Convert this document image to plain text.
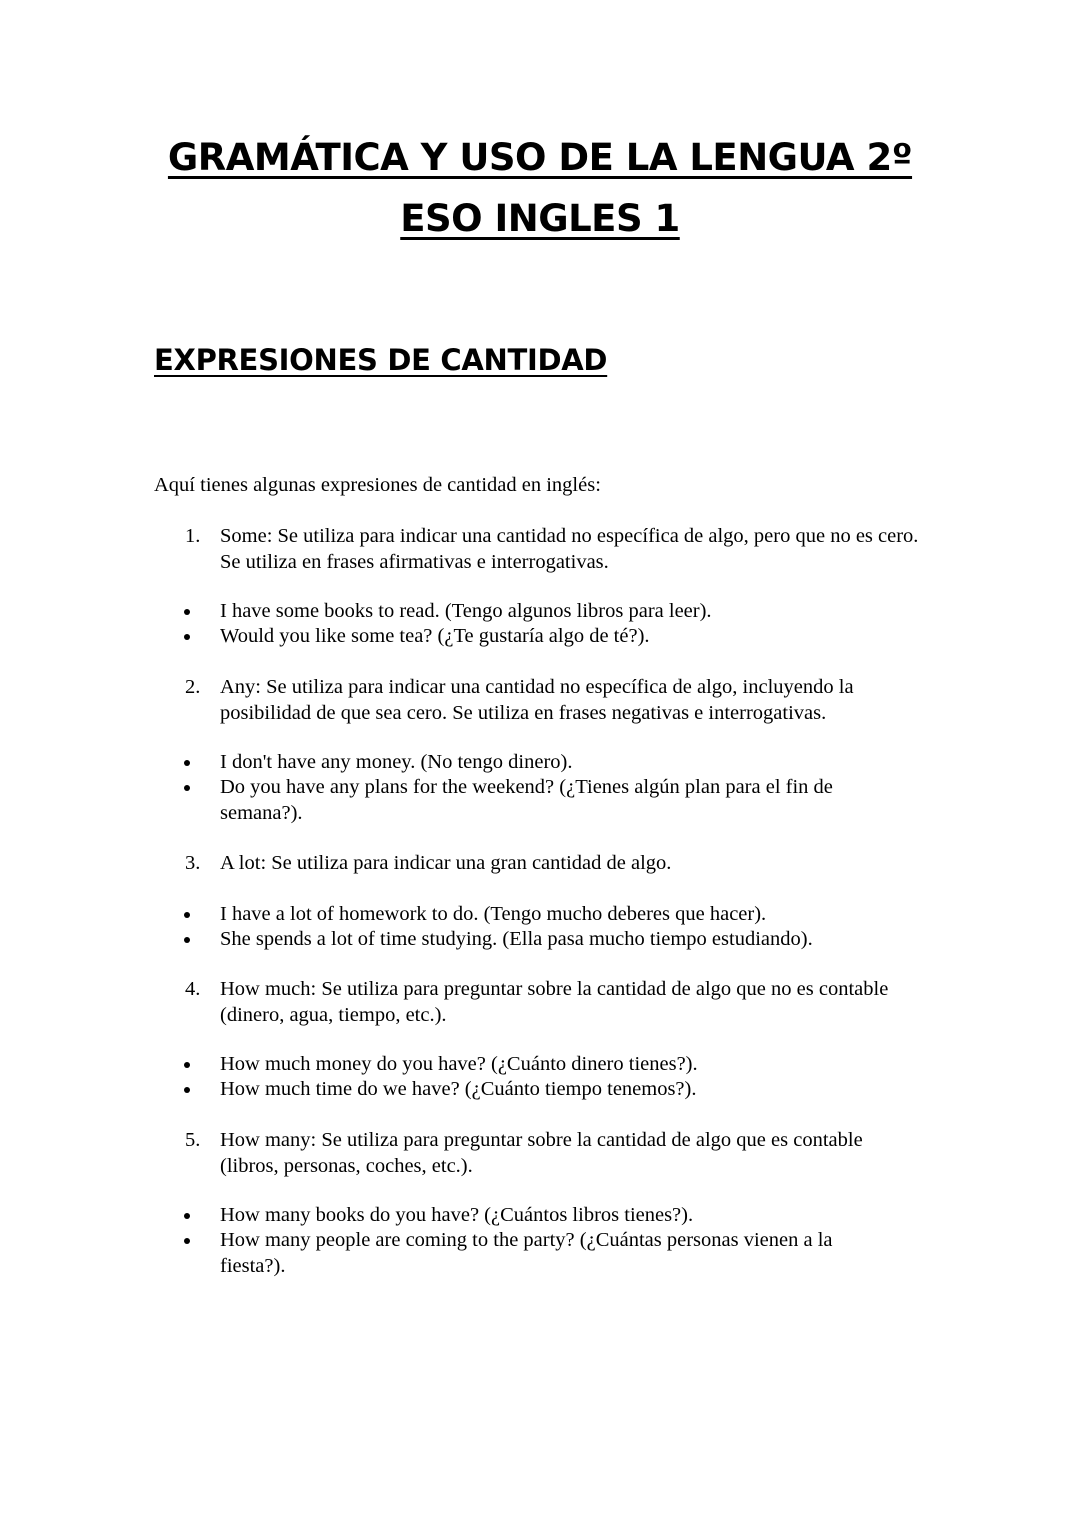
GRAMÁTICA Y USO DE LA LENGUA 2º
ESO INGLES 1
EXPRESIONES DE CANTIDAD
Aquí tienes algunas expresiones de cantidad en inglés:
1. Some: Se utiliza para indicar una cantidad no específica de algo, pero que no es cero. Se utiliza en frases afirmativas e interrogativas.
I have some books to read. (Tengo algunos libros para leer).
Would you like some tea? (¿Te gustaría algo de té?).
2. Any: Se utiliza para indicar una cantidad no específica de algo, incluyendo la posibilidad de que sea cero. Se utiliza en frases negativas e interrogativas.
I don't have any money. (No tengo dinero).
Do you have any plans for the weekend? (¿Tienes algún plan para el fin de semana?).
3. A lot: Se utiliza para indicar una gran cantidad de algo.
I have a lot of homework to do. (Tengo mucho deberes que hacer).
She spends a lot of time studying. (Ella pasa mucho tiempo estudiando).
4. How much: Se utiliza para preguntar sobre la cantidad de algo que no es contable (dinero, agua, tiempo, etc.).
How much money do you have? (¿Cuánto dinero tienes?).
How much time do we have? (¿Cuánto tiempo tenemos?).
5. How many: Se utiliza para preguntar sobre la cantidad de algo que es contable (libros, personas, coches, etc.).
How many books do you have? (¿Cuántos libros tienes?).
How many people are coming to the party? (¿Cuántas personas vienen a la fiesta?).
